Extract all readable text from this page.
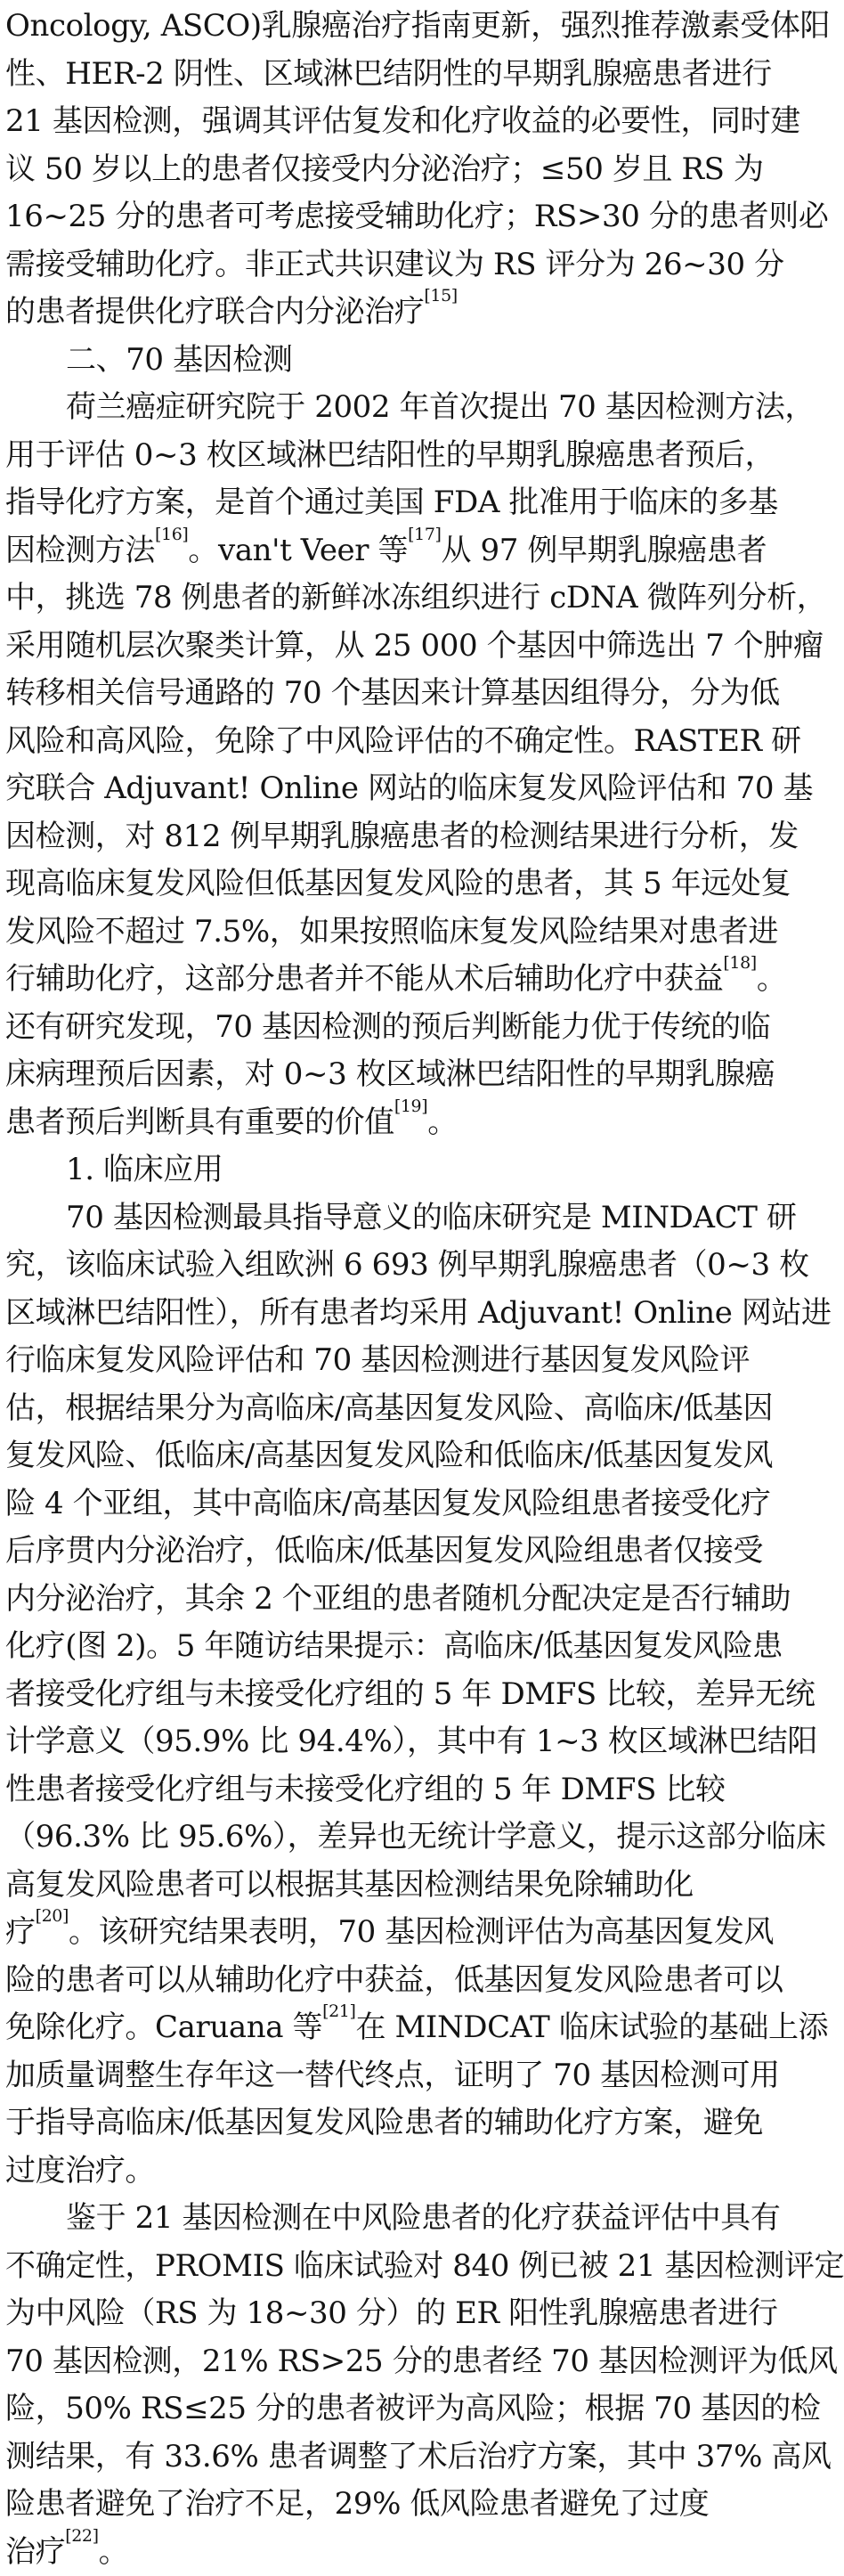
Oncology, ASCO)乳腺癌治疗指南更新，强烈推荐激素受体阳
性、HER-2 阴性、区域淋巴结阴性的早期乳腺癌患者进行
21 基因检测，强调其评估复发和化疗收益的必要性，同时建
议 50 岁以上的患者仅接受内分泌治疗；≤50 岁且 RS 为
16~25 分的患者可考虑接受辅助化疗；RS>30 分的患者则必
需接受辅助化疗。非正式共识建议为 RS 评分为 26~30 分
的患者提供化疗联合内分泌治疗[15]
二、70 基因检测
荷兰癌症研究院于 2002 年首次提出 70 基因检测方法，
用于评估 0~3 枚区域淋巴结阳性的早期乳腺癌患者预后，
指导化疗方案，是首个通过美国 FDA 批准用于临床的多基
因检测方法[16]。van't Veer 等[17]从 97 例早期乳腺癌患者
中，挑选 78 例患者的新鲜冰冻组织进行 cDNA 微阵列分析，
采用随机层次聚类计算，从 25 000 个基因中筛选出 7 个肿瘤
转移相关信号通路的 70 个基因来计算基因组得分，分为低
风险和高风险，免除了中风险评估的不确定性。RASTER 研
究联合 Adjuvant! Online 网站的临床复发风险评估和 70 基
因检测，对 812 例早期乳腺癌患者的检测结果进行分析，发
现高临床复发风险但低基因复发风险的患者，其 5 年远处复
发风险不超过 7.5%，如果按照临床复发风险结果对患者进
行辅助化疗，这部分患者并不能从术后辅助化疗中获益[18]。
还有研究发现，70 基因检测的预后判断能力优于传统的临
床病理预后因素，对 0~3 枚区域淋巴结阳性的早期乳腺癌
患者预后判断具有重要的价值[19]。
1. 临床应用
70 基因检测最具指导意义的临床研究是 MINDACT 研
究，该临床试验入组欧洲 6 693 例早期乳腺癌患者（0~3 枚
区域淋巴结阳性），所有患者均采用 Adjuvant! Online 网站进
行临床复发风险评估和 70 基因检测进行基因复发风险评
估，根据结果分为高临床/高基因复发风险、高临床/低基因
复发风险、低临床/高基因复发风险和低临床/低基因复发风
险 4 个亚组，其中高临床/高基因复发风险组患者接受化疗
后序贯内分泌治疗，低临床/低基因复发风险组患者仅接受
内分泌治疗，其余 2 个亚组的患者随机分配决定是否行辅助
化疗(图 2)。5 年随访结果提示：高临床/低基因复发风险患
者接受化疗组与未接受化疗组的 5 年 DMFS 比较，差异无统
计学意义（95.9% 比 94.4%），其中有 1~3 枚区域淋巴结阳
性患者接受化疗组与未接受化疗组的 5 年 DMFS 比较
（96.3% 比 95.6%），差异也无统计学意义，提示这部分临床
高复发风险患者可以根据其基因检测结果免除辅助化
疗[20]。该研究结果表明，70 基因检测评估为高基因复发风
险的患者可以从辅助化疗中获益，低基因复发风险患者可以
免除化疗。Caruana 等[21]在 MINDCAT 临床试验的基础上添
加质量调整生存年这一替代终点，证明了 70 基因检测可用
于指导高临床/低基因复发风险患者的辅助化疗方案，避免
过度治疗。
鉴于 21 基因检测在中风险患者的化疗获益评估中具有
不确定性，PROMIS 临床试验对 840 例已被 21 基因检测评定
为中风险（RS 为 18~30 分）的 ER 阳性乳腺癌患者进行
70 基因检测，21% RS>25 分的患者经 70 基因检测评为低风
险，50% RS≤25 分的患者被评为高风险；根据 70 基因的检
测结果，有 33.6% 患者调整了术后治疗方案，其中 37% 高风
险患者避免了治疗不足，29% 低风险患者避免了过度
治疗[22]。
